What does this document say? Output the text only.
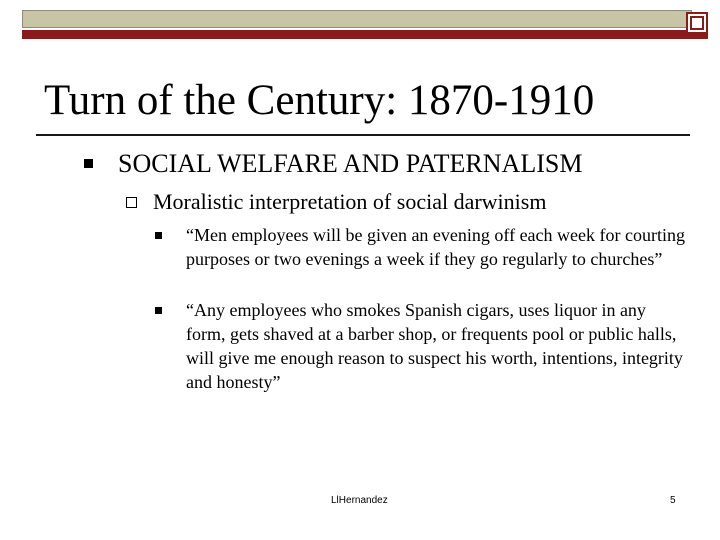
Turn of the Century: 1870-1910
SOCIAL WELFARE AND PATERNALISM
Moralistic interpretation of social darwinism
“Men employees will be given an evening off each week for courting purposes or two evenings a week if they go regularly to churches”
“Any employees who smokes Spanish cigars, uses liquor in any form, gets shaved at a barber shop, or frequents pool or public halls, will give me enough reason to suspect his worth, intentions, integrity and honesty”
LlHernandez	5
